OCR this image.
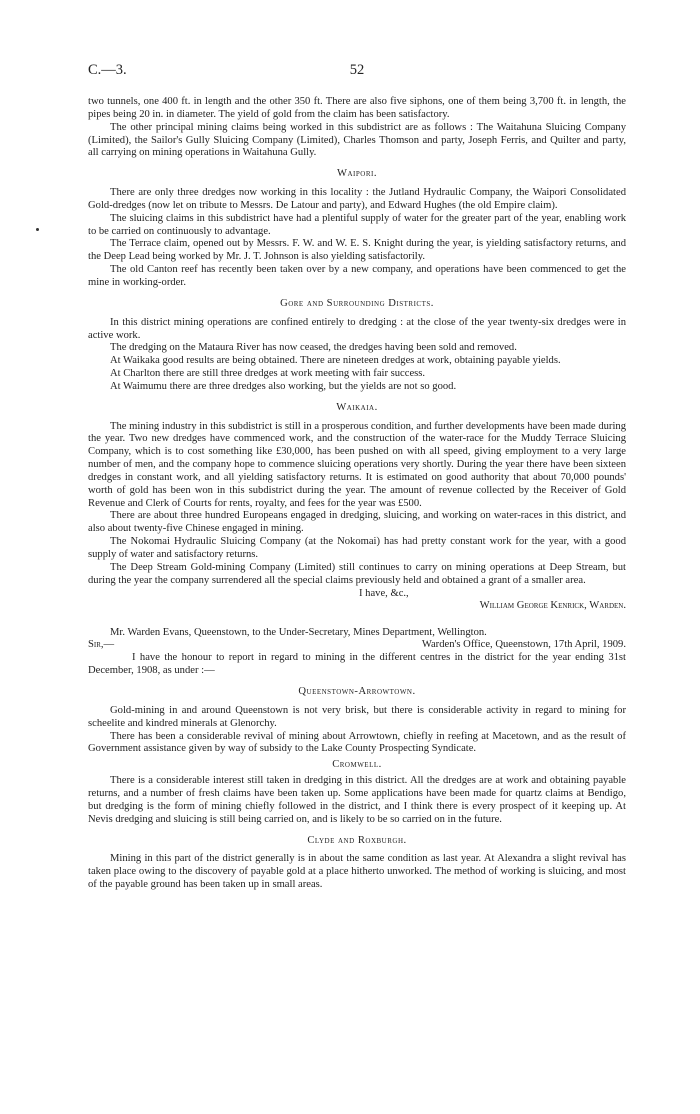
C.—3.	52

two tunnels, one 400 ft. in length and the other 350 ft. There are also five siphons, one of them being 3,700 ft. in length, the pipes being 20 in. in diameter. The yield of gold from the claim has been satisfactory.

The other principal mining claims being worked in this subdistrict are as follows : The Waitahuna Sluicing Company (Limited), the Sailor's Gully Sluicing Company (Limited), Charles Thomson and party, Joseph Ferris, and Quilter and party, all carrying on mining operations in Waitahuna Gully.

Waipori.

There are only three dredges now working in this locality : the Jutland Hydraulic Company, the Waipori Consolidated Gold-dredges (now let on tribute to Messrs. De Latour and party), and Edward Hughes (the old Empire claim).

The sluicing claims in this subdistrict have had a plentiful supply of water for the greater part of the year, enabling work to be carried on continuously to advantage.

The Terrace claim, opened out by Messrs. F. W. and W. E. S. Knight during the year, is yielding satisfactory returns, and the Deep Lead being worked by Mr. J. T. Johnson is also yielding satisfactorily.

The old Canton reef has recently been taken over by a new company, and operations have been commenced to get the mine in working-order.

Gore and Surrounding Districts.

In this district mining operations are confined entirely to dredging : at the close of the year twenty-six dredges were in active work.

The dredging on the Mataura River has now ceased, the dredges having been sold and removed.

At Waikaka good results are being obtained. There are nineteen dredges at work, obtaining payable yields.

At Charlton there are still three dredges at work meeting with fair success.

At Waimumu there are three dredges also working, but the yields are not so good.

Waikaia.

The mining industry in this subdistrict is still in a prosperous condition, and further developments have been made during the year. Two new dredges have commenced work, and the construction of the water-race for the Muddy Terrace Sluicing Company, which is to cost something like £30,000, has been pushed on with all speed, giving employment to a very large number of men, and the company hope to commence sluicing operations very shortly. During the year there have been sixteen dredges in constant work, and all yielding satisfactory returns. It is estimated on good authority that about 70,000 pounds' worth of gold has been won in this subdistrict during the year. The amount of revenue collected by the Receiver of Gold Revenue and Clerk of Courts for rents, royalty, and fees for the year was £500.

There are about three hundred Europeans engaged in dredging, sluicing, and working on water-races in this district, and also about twenty-five Chinese engaged in mining.

The Nokomai Hydraulic Sluicing Company (at the Nokomai) has had pretty constant work for the year, with a good supply of water and satisfactory returns.

The Deep Stream Gold-mining Company (Limited) still continues to carry on mining operations at Deep Stream, but during the year the company surrendered all the special claims previously held and obtained a grant of a smaller area.

I have, &c.,
William George Kenrick, Warden.

Mr. Warden Evans, Queenstown, to the Under-Secretary, Mines Department, Wellington.

Sir,—	Warden's Office, Queenstown, 17th April, 1909.

I have the honour to report in regard to mining in the different centres in the district for the year ending 31st December, 1908, as under :—

Queenstown-Arrowtown.

Gold-mining in and around Queenstown is not very brisk, but there is considerable activity in regard to mining for scheelite and kindred minerals at Glenorchy.

There has been a considerable revival of mining about Arrowtown, chiefly in reefing at Macetown, and as the result of Government assistance given by way of subsidy to the Lake County Prospecting Syndicate.

Cromwell.

There is a considerable interest still taken in dredging in this district. All the dredges are at work and obtaining payable returns, and a number of fresh claims have been taken up. Some applications have been made for quartz claims at Bendigo, but dredging is the form of mining chiefly followed in the district, and I think there is every prospect of it keeping up. At Nevis dredging and sluicing is still being carried on, and is likely to be so carried on in the future.

Clyde and Roxburgh.

Mining in this part of the district generally is in about the same condition as last year. At Alexandra a slight revival has taken place owing to the discovery of payable gold at a place hitherto unworked. The method of working is sluicing, and most of the payable ground has been taken up in small areas.
